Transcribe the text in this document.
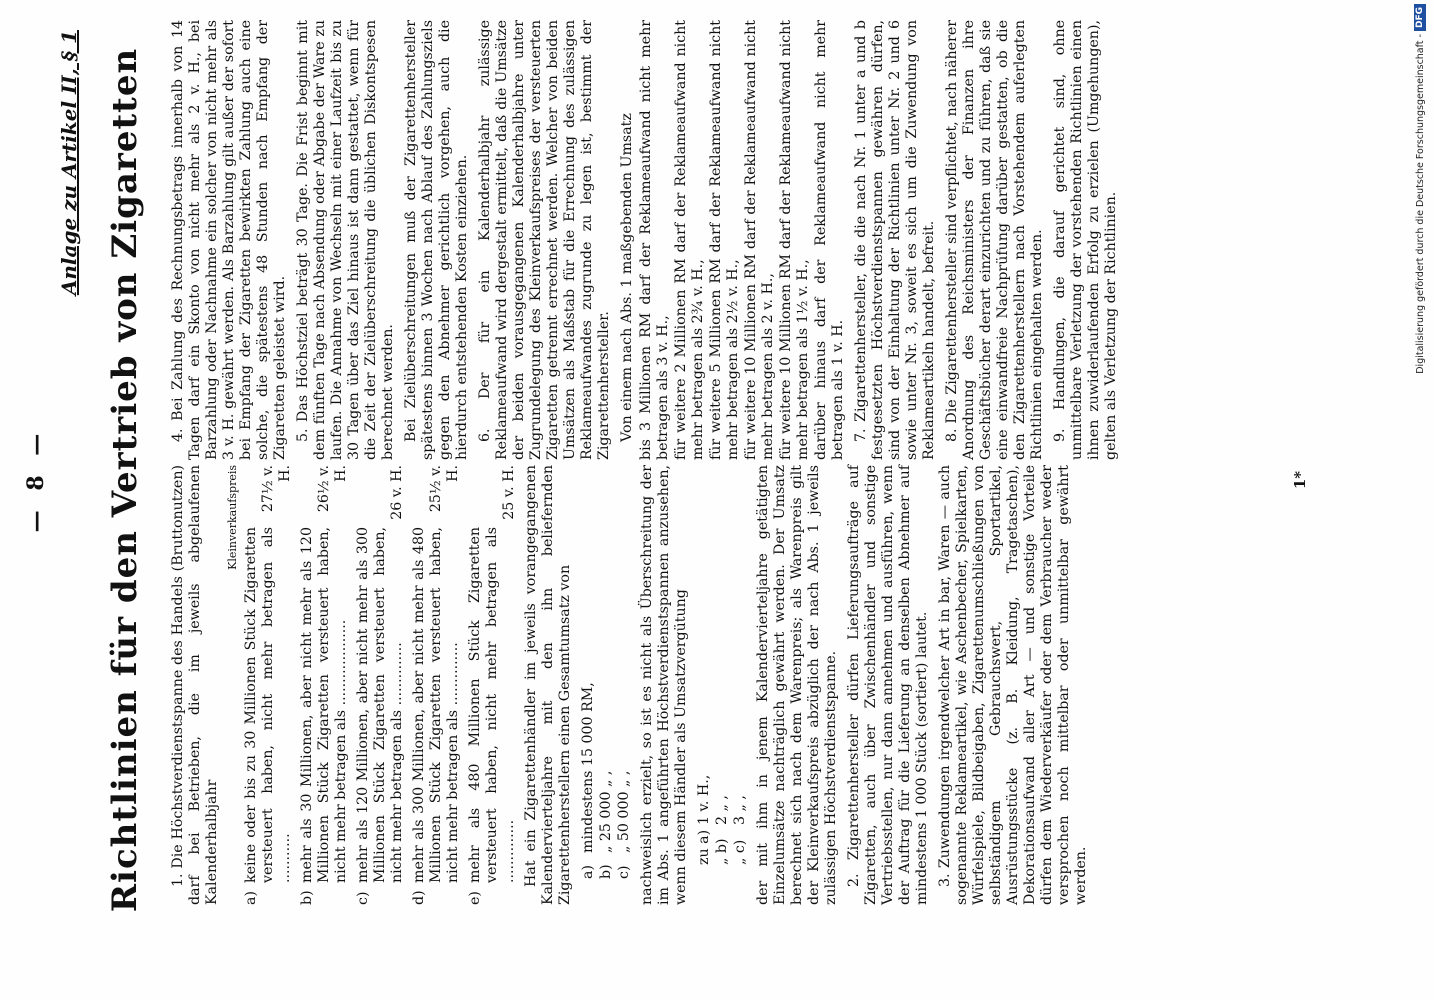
— 8 —
Anlage zu Artikel II, § 1 Richtlinien für den Vertrieb von Zigaretten 1. Die Höchstverdienstspanne des Handels (Bruttonutzen) darf bei Betrieben, die im jeweils abgelaufenen Kalenderhalbjahr

Kleinverkaufspreis
a)
keine oder bis zu 30 Millionen Stück Zigaretten versteuert haben, nicht mehr betragen als ...........
27½ v. H.
b)
mehr als 30 Millionen, aber nicht mehr als 120 Millionen Stück Zigaretten versteuert haben, nicht mehr betragen als ...................
26½ v. H.
c)
mehr als 120 Millionen, aber nicht mehr als 300 Millionen Stück Zigaretten versteuert haben, nicht mehr betragen als ..............
26 v. H.
d)
mehr als 300 Millionen, aber nicht mehr als 480 Millionen Stück Zigaretten versteuert haben, nicht mehr betragen als ..............
25½ v. H.
e)
mehr als 480 Millionen Stück Zigaretten versteuert haben, nicht mehr betragen als ..............
25 v. H. Hat ein Zigarettenhändler im jeweils vorangegangenen Kalendervierteljahre mit den ihn beliefernden Zigarettenherstellern einen Gesamtumsatz von a)
mindestens 15 000 RM,
b)
„ 25 000 „ ,
c)
„ 50 000 „ , nachweislich erzielt, so ist es nicht als Überschreitung der im Abs. 1 angeführten Höchstverdienstspannen anzusehen, wenn diesem Händler als Umsatzvergütung zu a)
1 v. H.,
„ b)
2 „ ,
„ c)
3 „ , der mit ihm in jenem Kalendervierteljahre getätigten Einzelumsätze nachträglich gewährt werden. Der Umsatz berechnet sich nach dem Warenpreis; als Warenpreis gilt der Kleinverkaufspreis abzüglich der nach Abs. 1 jeweils zulässigen Höchstverdienstspanne. 2. Zigarettenhersteller dürfen Lieferungsaufträge auf Zigaretten, auch über Zwischenhändler und sonstige Vertriebsstellen, nur dann annehmen und ausführen, wenn der Auftrag für die Lieferung an denselben Abnehmer auf mindestens 1 000 Stück (sortiert) lautet. 3. Zuwendungen irgendwelcher Art in bar, Waren — auch sogenannte Reklameartikel, wie Aschenbecher, Spielkarten, Würfelspiele, Bildbeigaben, Zigarettenumschließungen von selbständigem Gebrauchswert, Sportartikel, Ausrüstungsstücke (z. B. Kleidung, Tragetaschen), Dekorationsaufwand aller Art — und sonstige Vorteile dürfen dem Wiederverkäufer oder dem Verbraucher weder versprochen noch mittelbar oder unmittelbar gewährt werden.

4. Bei Zahlung des Rechnungsbetrags innerhalb von 14 Tagen darf ein Skonto von nicht mehr als 2 v. H., bei Barzahlung oder Nachnahme ein solcher von nicht mehr als 3 v. H. gewährt werden. Als Barzahlung gilt außer der sofort bei Empfang der Zigaretten bewirkten Zahlung auch eine solche, die spätestens 48 Stunden nach Empfang der Zigaretten geleistet wird. 5. Das Höchstziel beträgt 30 Tage. Die Frist beginnt mit dem fünften Tage nach Absendung oder Abgabe der Ware zu laufen. Die Annahme von Wechseln mit einer Laufzeit bis zu 30 Tagen über das Ziel hinaus ist dann gestattet, wenn für die Zeit der Zielüberschreitung die üblichen Diskontspesen berechnet werden. Bei Zielüberschreitungen muß der Zigarettenhersteller spätestens binnen 3 Wochen nach Ablauf des Zahlungsziels gegen den Abnehmer gerichtlich vorgehen, auch die hierdurch entstehenden Kosten einziehen. 6. Der für ein Kalenderhalbjahr zulässige Reklameaufwand wird dergestalt ermittelt, daß die Umsätze der beiden vorausgegangenen Kalenderhalbjahre unter Zugrundelegung des Kleinverkaufspreises der versteuerten Zigaretten getrennt errechnet werden. Welcher von beiden Umsätzen als Maßstab für die Errechnung des zulässigen Reklameaufwandes zugrunde zu legen ist, bestimmt der Zigarettenhersteller. Von einem nach Abs. 1 maßgebenden Umsatz bis 3 Millionen RM darf der Reklameaufwand nicht mehr betragen als 3 v. H., für weitere 2 Millionen RM darf der Reklameaufwand nicht mehr betragen als 2¾ v. H., für weitere 5 Millionen RM darf der Reklameaufwand nicht mehr betragen als 2½ v. H., für weitere 10 Millionen RM darf der Reklameaufwand nicht mehr betragen als 2 v. H., für weitere 10 Millionen RM darf der Reklameaufwand nicht mehr betragen als 1½ v. H., darüber hinaus darf der Reklameaufwand nicht mehr betragen als 1 v. H. 7. Zigarettenhersteller, die die nach Nr. 1 unter a und b festgesetzten Höchstverdienstspannen gewähren dürfen, sind von der Einhaltung der Richtlinien unter Nr. 2 und 6 sowie unter Nr. 3, soweit es sich um die Zuwendung von Reklameartikeln handelt, befreit. 8. Die Zigarettenhersteller sind verpflichtet, nach näherer Anordnung des Reichsministers der Finanzen ihre Geschäftsbücher derart einzurichten und zu führen, daß sie eine einwandfreie Nachprüfung darüber gestatten, ob die den Zigarettenherstellern nach Vorstehendem auferlegten Richtlinien eingehalten werden. 9. Handlungen, die darauf gerichtet sind, ohne unmittelbare Verletzung der vorstehenden Richtlinien einen ihnen zuwiderlaufenden Erfolg zu erzielen (Umgehungen), gelten als Verletzung der Richtlinien.

1*
Digitalisierung gefördert durch die Deutsche Forschungsgemeinschaft -
DFG
